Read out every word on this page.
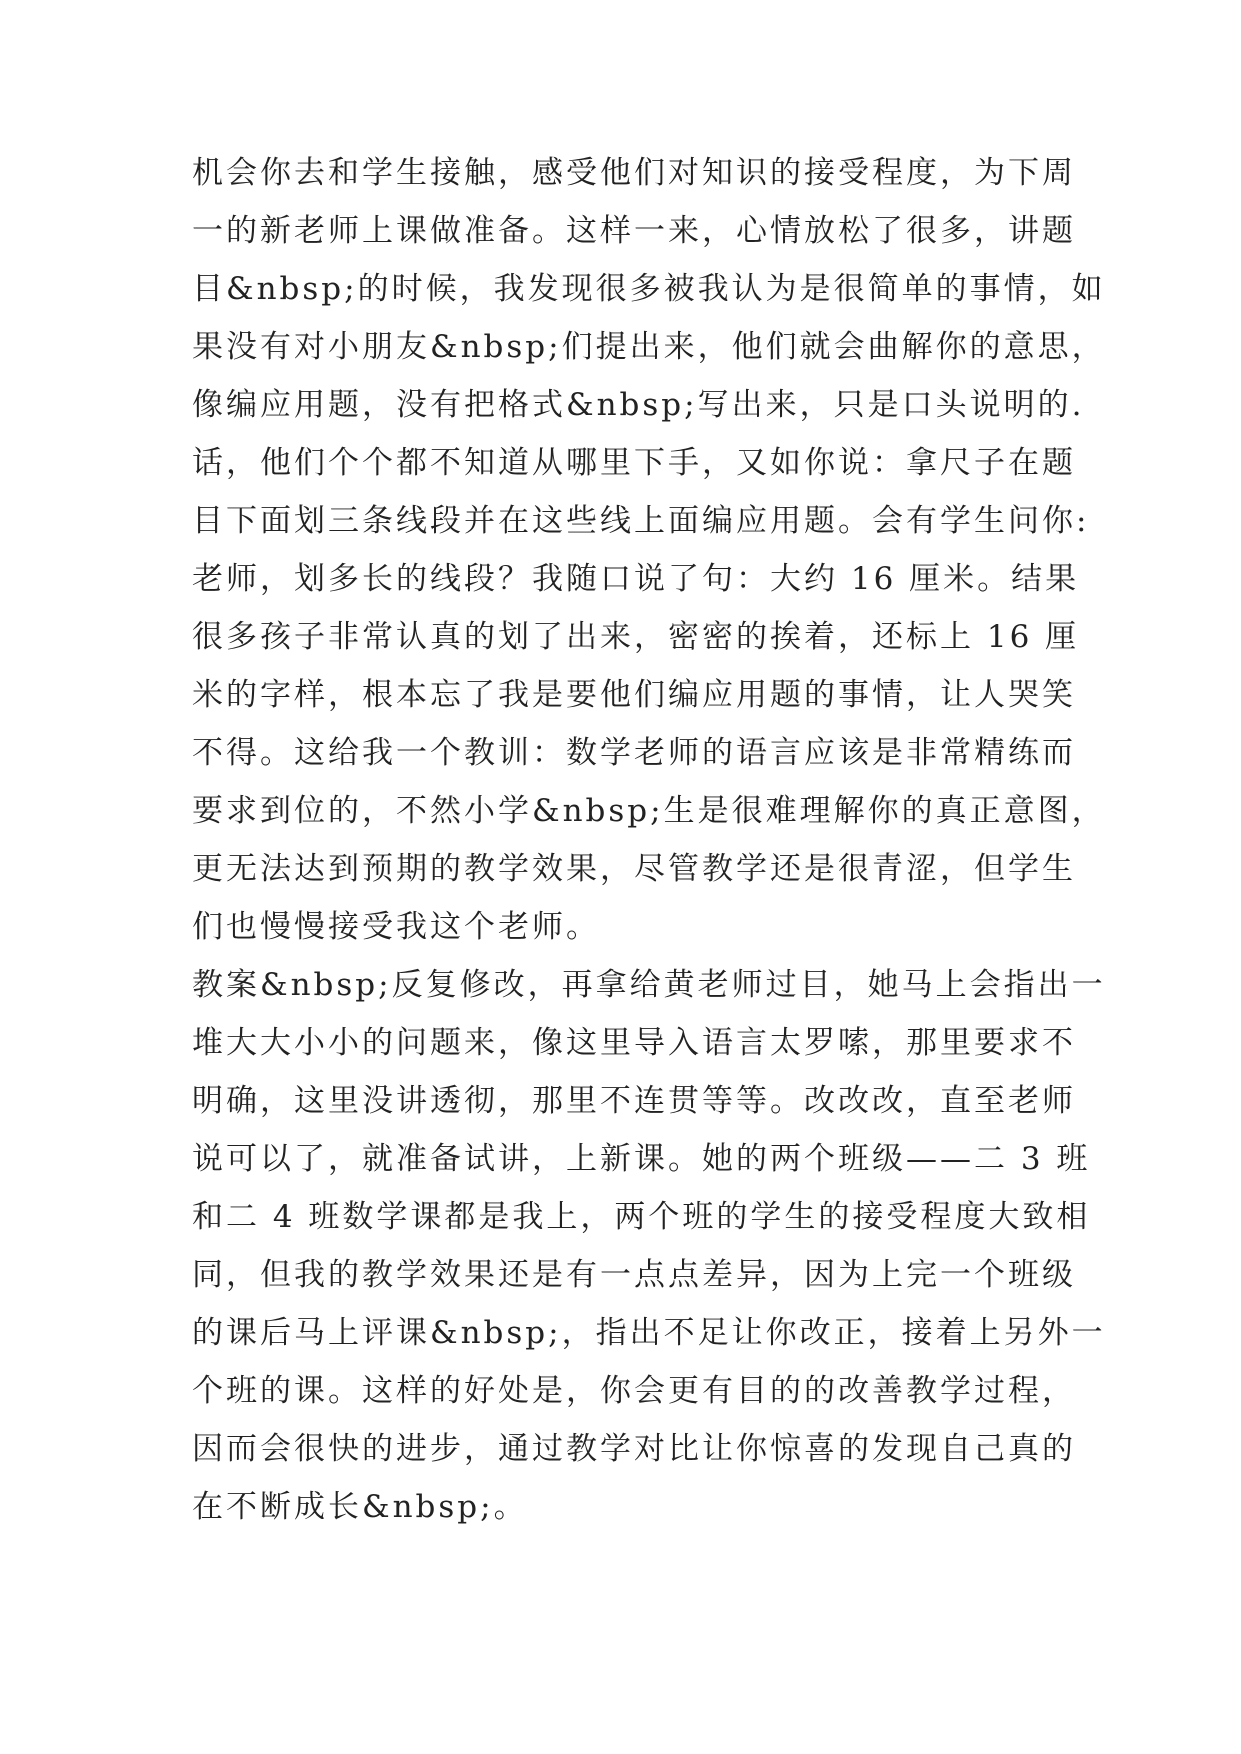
机会你去和学生接触，感受他们对知识的接受程度，为下周
一的新老师上课做准备。这样一来，心情放松了很多，讲题
目&nbsp;的时候，我发现很多被我认为是很简单的事情，如
果没有对小朋友&nbsp;们提出来，他们就会曲解你的意思，
像编应用题，没有把格式&nbsp;写出来，只是口头说明的.
话，他们个个都不知道从哪里下手，又如你说：拿尺子在题
目下面划三条线段并在这些线上面编应用题。会有学生问你:
老师，划多长的线段？我随口说了句：大约 16 厘米。结果
很多孩子非常认真的划了出来，密密的挨着，还标上 16 厘
米的字样，根本忘了我是要他们编应用题的事情，让人哭笑
不得。这给我一个教训：数学老师的语言应该是非常精练而
要求到位的，不然小学&nbsp;生是很难理解你的真正意图，
更无法达到预期的教学效果，尽管教学还是很青涩，但学生
们也慢慢接受我这个老师。
教案&nbsp;反复修改，再拿给黄老师过目，她马上会指出一
堆大大小小的问题来，像这里导入语言太罗嗦，那里要求不
明确，这里没讲透彻，那里不连贯等等。改改改，直至老师
说可以了，就准备试讲，上新课。她的两个班级——二 3 班
和二 4 班数学课都是我上，两个班的学生的接受程度大致相
同，但我的教学效果还是有一点点差异，因为上完一个班级
的课后马上评课&nbsp;，指出不足让你改正，接着上另外一
个班的课。这样的好处是，你会更有目的的改善教学过程，
因而会很快的进步，通过教学对比让你惊喜的发现自己真的
在不断成长&nbsp;。
